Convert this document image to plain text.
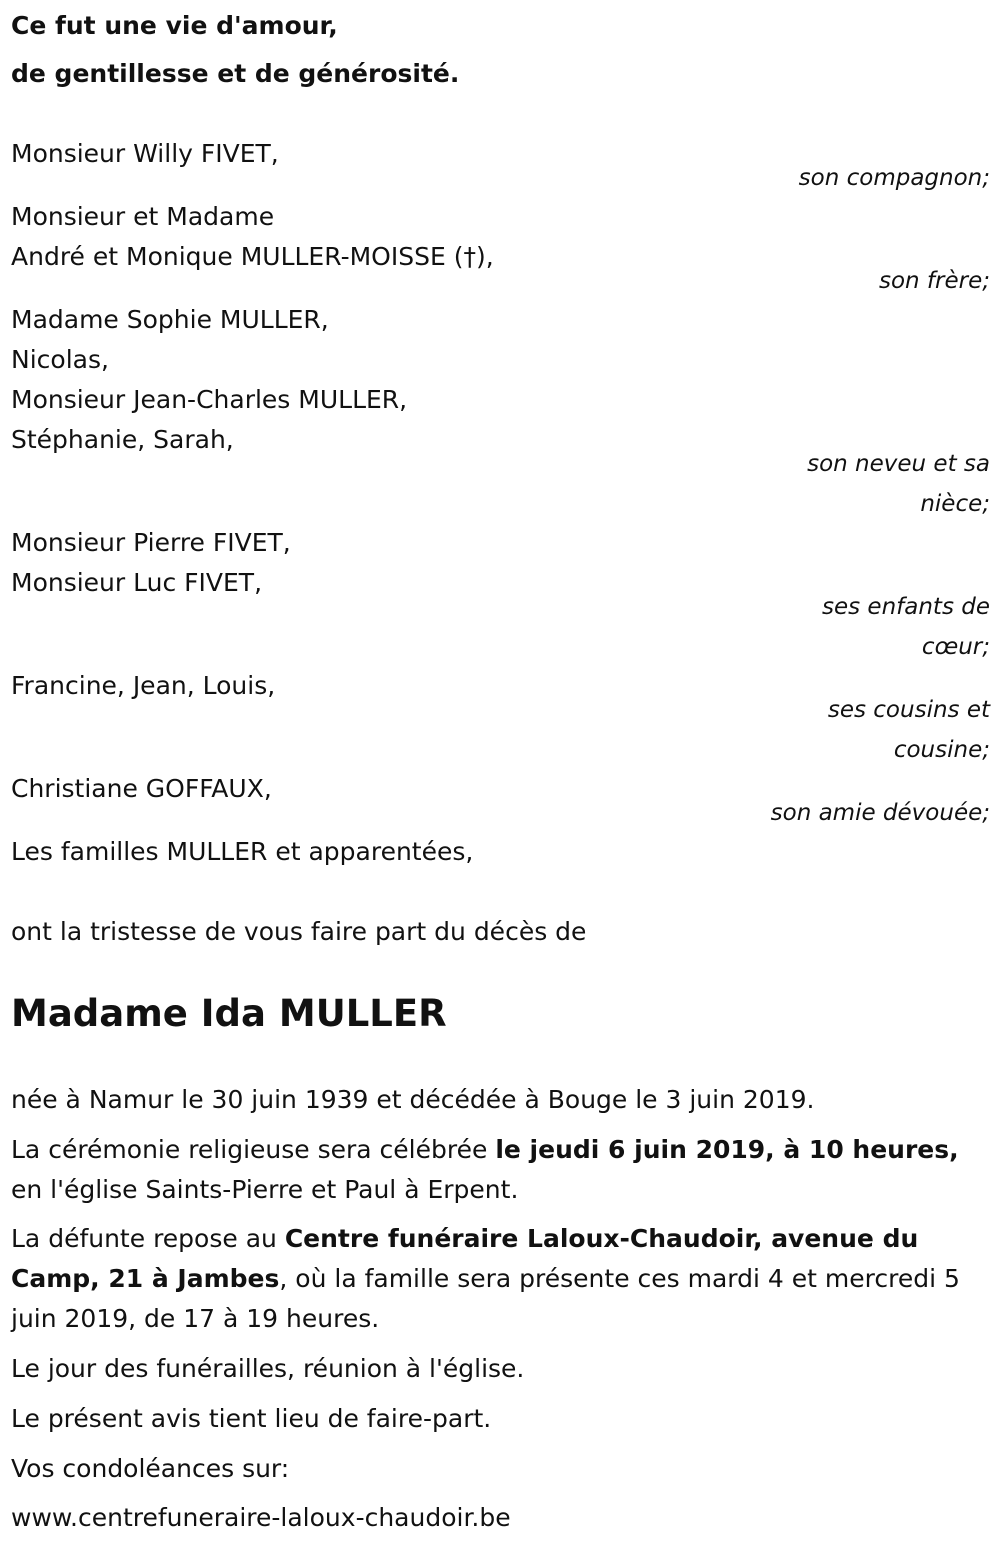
Ce fut une vie d'amour,
de gentillesse et de générosité.
Monsieur Willy FIVET,
son compagnon;
Monsieur et Madame
André et Monique MULLER-MOISSE (†),
son frère;
Madame Sophie MULLER,
Nicolas,
Monsieur Jean-Charles MULLER,
Stéphanie, Sarah,
son neveu et sa
nièce;
Monsieur Pierre FIVET,
Monsieur Luc FIVET,
ses enfants de
cœur;
Francine, Jean, Louis,
ses cousins et
cousine;
Christiane GOFFAUX,
son amie dévouée;
Les familles MULLER et apparentées,
ont la tristesse de vous faire part du décès de
Madame Ida MULLER
née à Namur le 30 juin 1939 et décédée à Bouge le 3 juin 2019.
La cérémonie religieuse sera célébrée le jeudi 6 juin 2019, à 10 heures,
en l'église Saints-Pierre et Paul à Erpent.
La défunte repose au Centre funéraire Laloux-Chaudoir, avenue du
Camp, 21 à Jambes, où la famille sera présente ces mardi 4 et mercredi 5
juin 2019, de 17 à 19 heures.
Le jour des funérailles, réunion à l'église.
Le présent avis tient lieu de faire-part.
Vos condoléances sur:
www.centrefuneraire-laloux-chaudoir.be
